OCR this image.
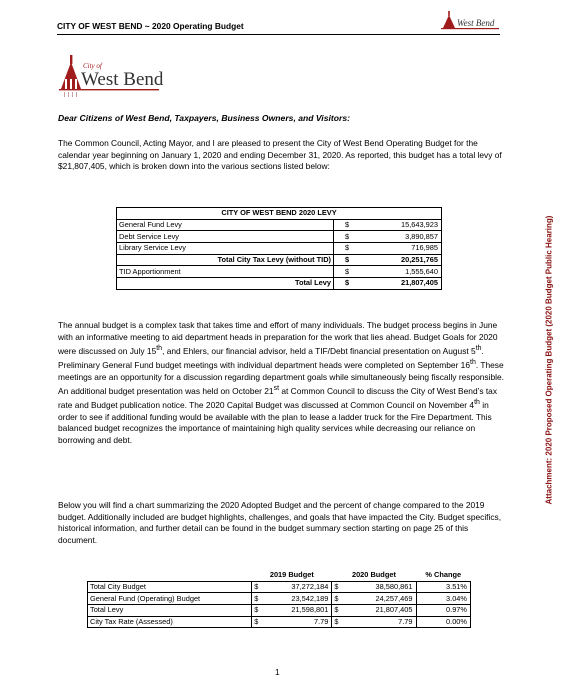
CITY OF WEST BEND ~ 2020 Operating Budget	West Bend
City of
West Bend
Dear Citizens of West Bend, Taxpayers, Business Owners, and Visitors:

The Common Council, Acting Mayor, and I are pleased to present the City of West Bend Operating Budget for the calendar year beginning on January 1, 2020 and ending December 31, 2020. As reported, this budget has a total levy of $21,807,405, which is broken down into the various sections listed below:

CITY OF WEST BEND 2020 LEVY		
General Fund Levy	$	15,643,923
Debt Service Levy	$	3,890,857
Library Service Levy	$	716,985
Total City Tax Levy (without TID)	$	20,251,765
TID Apportionment	$	1,555,640
Total Levy	$	21,807,405

The annual budget is a complex task that takes time and effort of many individuals. The budget process begins in June with an informative meeting to aid department heads in preparation for the work that lies ahead. Budget Goals for 2020 were discussed on July 15th, and Ehlers, our financial advisor, held a TIF/Debt financial presentation on August 5th. Preliminary General Fund budget meetings with individual department heads were completed on September 16th. These meetings are an opportunity for a discussion regarding department goals while simultaneously being fiscally responsible. An additional budget presentation was held on October 21st at Common Council to discuss the City of West Bend’s tax rate and Budget publication notice. The 2020 Capital Budget was discussed at Common Council on November 4th in order to see if additional funding would be available with the plan to lease a ladder truck for the Fire Department. This balanced budget recognizes the importance of maintaining high quality services while decreasing our reliance on borrowing and debt.

Below you will find a chart summarizing the 2020 Adopted Budget and the percent of change compared to the 2019 budget. Additionally included are budget highlights, challenges, and goals that have impacted the City. Budget specifics, historical information, and further detail can be found in the budget summary section starting on page 25 of this document.

	2019 Budget		2020 Budget		% Change
Total City Budget	$	37,272,184	$	38,580,861	3.51%
General Fund (Operating) Budget	$	23,542,189	$	24,257,469	3.04%
Total Levy	$	21,598,801	$	21,807,405	0.97%
City Tax Rate (Assessed)	$	7.79	$	7.79	0.00%
1
Attachment: 2020 Proposed Operating Budget (2020 Budget Public Hearing)
